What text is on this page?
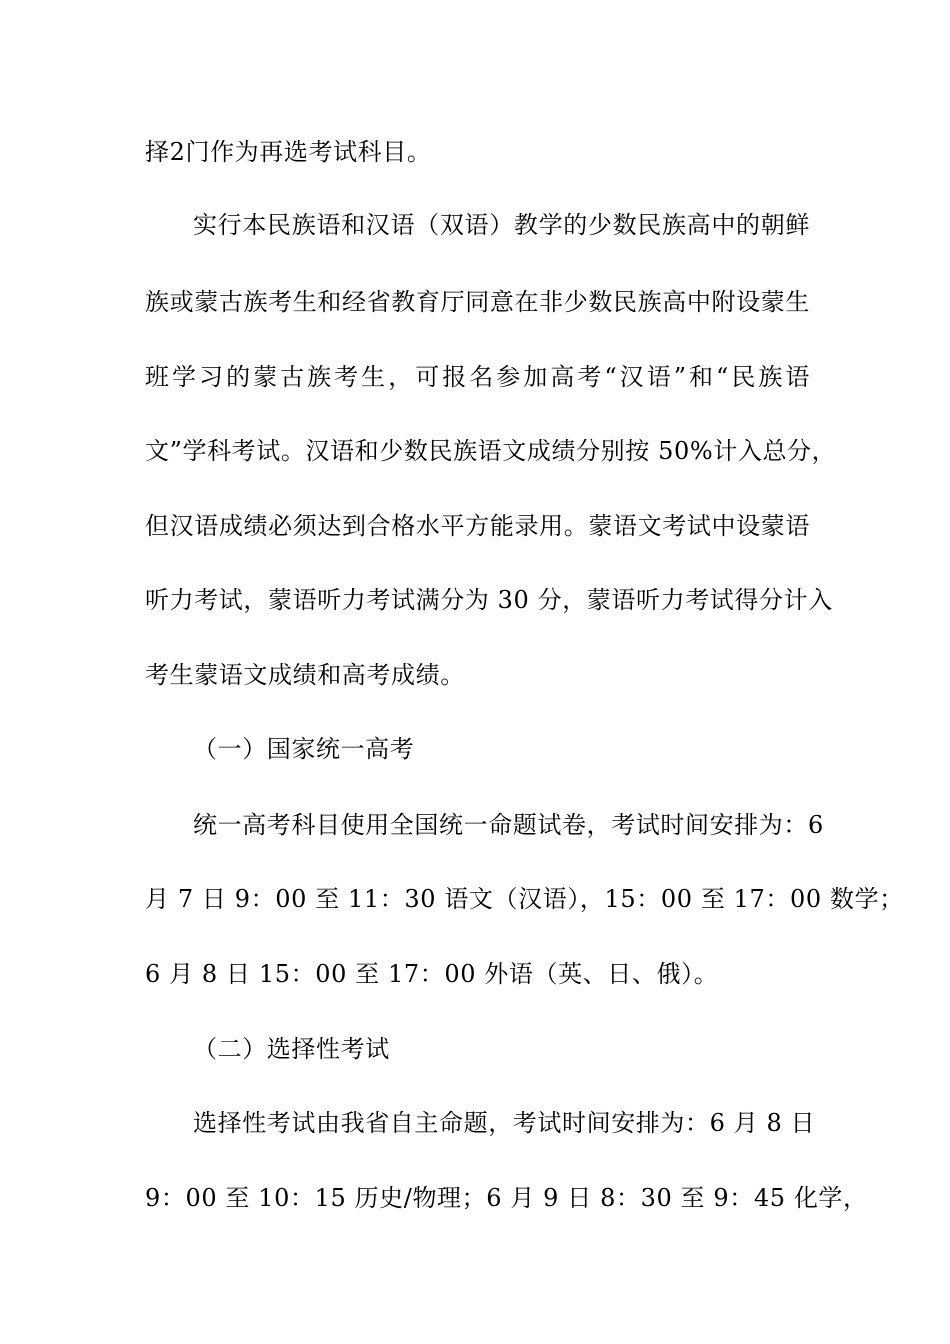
择2门作为再选考试科目。
实行本民族语和汉语（双语）教学的少数民族高中的朝鲜
族或蒙古族考生和经省教育厅同意在非少数民族高中附设蒙生
班学习的蒙古族考生，可报名参加高考“汉语”和“民族语
文”学科考试。汉语和少数民族语文成绩分别按 50%计入总分，
但汉语成绩必须达到合格水平方能录用。蒙语文考试中设蒙语
听力考试，蒙语听力考试满分为 30 分，蒙语听力考试得分计入
考生蒙语文成绩和高考成绩。
（一）国家统一高考
统一高考科目使用全国统一命题试卷，考试时间安排为：6
月 7 日 9：00 至 11：30 语文（汉语），15：00 至 17：00 数学；
6 月 8 日 15：00 至 17：00 外语（英、日、俄）。
（二）选择性考试
选择性考试由我省自主命题，考试时间安排为：6 月 8 日
9：00 至 10：15 历史/物理；6 月 9 日 8：30 至 9：45 化学，
